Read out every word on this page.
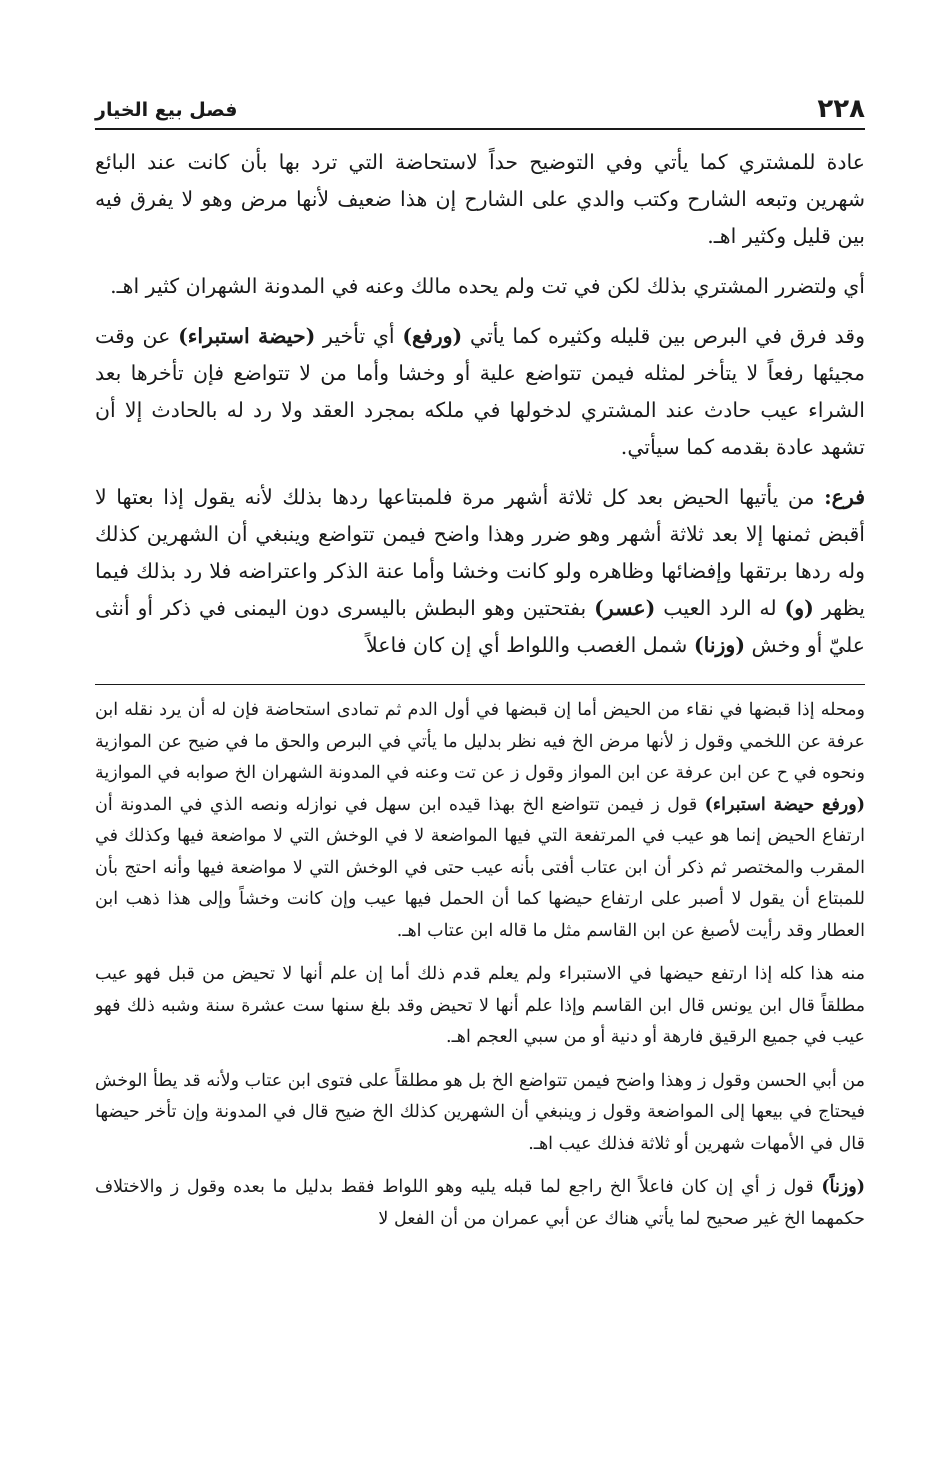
٢٢٨
فصل بيع الخيار

عادة للمشتري كما يأتي وفي التوضيح حداً لاستحاضة التي ترد بها بأن كانت عند البائع شهرين وتبعه الشارح وكتب والدي على الشارح إن هذا ضعيف لأنها مرض وهو لا يفرق فيه بين قليل وكثير اهـ.

أي ولتضرر المشتري بذلك لكن في تت ولم يحده مالك وعنه في المدونة الشهران كثير اهـ.

وقد فرق في البرص بين قليله وكثيره كما يأتي (ورفع) أي تأخير (حيضة استبراء) عن وقت مجيئها رفعاً لا يتأخر لمثله فيمن تتواضع علية أو وخشا وأما من لا تتواضع فإن تأخرها بعد الشراء عيب حادث عند المشتري لدخولها في ملكه بمجرد العقد ولا رد له بالحادث إلا أن تشهد عادة بقدمه كما سيأتي.

فرع: من يأتيها الحيض بعد كل ثلاثة أشهر مرة فلمبتاعها ردها بذلك لأنه يقول إذا بعتها لا أقبض ثمنها إلا بعد ثلاثة أشهر وهو ضرر وهذا واضح فيمن تتواضع وينبغي أن الشهرين كذلك وله ردها برتقها وإفضائها وظاهره ولو كانت وخشا وأما عنة الذكر واعتراضه فلا رد بذلك فيما يظهر (و) له الرد العيب (عسر) بفتحتين وهو البطش باليسرى دون اليمنى في ذكر أو أنثى عليّ أو وخش (وزنا) شمل الغصب واللواط أي إن كان فاعلاً

ومحله إذا قبضها في نقاء من الحيض أما إن قبضها في أول الدم ثم تمادى استحاضة فإن له أن يرد نقله ابن عرفة عن اللخمي وقول ز لأنها مرض الخ فيه نظر بدليل ما يأتي في البرص والحق ما في ضيح عن الموازية ونحوه في ح عن ابن عرفة عن ابن المواز وقول ز عن تت وعنه في المدونة الشهران الخ صوابه في الموازية (ورفع حيضة استبراء) قول ز فيمن تتواضع الخ بهذا قيده ابن سهل في نوازله ونصه الذي في المدونة أن ارتفاع الحيض إنما هو عيب في المرتفعة التي فيها المواضعة لا في الوخش التي لا مواضعة فيها وكذلك في المقرب والمختصر ثم ذكر أن ابن عتاب أفتى بأنه عيب حتى في الوخش التي لا مواضعة فيها وأنه احتج بأن للمبتاع أن يقول لا أصبر على ارتفاع حيضها كما أن الحمل فيها عيب وإن كانت وخشاً وإلى هذا ذهب ابن العطار وقد رأيت لأصبغ عن ابن القاسم مثل ما قاله ابن عتاب اهـ.

منه هذا كله إذا ارتفع حيضها في الاستبراء ولم يعلم قدم ذلك أما إن علم أنها لا تحيض من قبل فهو عيب مطلقاً قال ابن يونس قال ابن القاسم وإذا علم أنها لا تحيض وقد بلغ سنها ست عشرة سنة وشبه ذلك فهو عيب في جميع الرقيق فارهة أو دنية أو من سبي العجم اهـ.

من أبي الحسن وقول ز وهذا واضح فيمن تتواضع الخ بل هو مطلقاً على فتوى ابن عتاب ولأنه قد يطأ الوخش فيحتاج في بيعها إلى المواضعة وقول ز وينبغي أن الشهرين كذلك الخ ضيح قال في المدونة وإن تأخر حيضها قال في الأمهات شهرين أو ثلاثة فذلك عيب اهـ.

(وزناً) قول ز أي إن كان فاعلاً الخ راجع لما قبله يليه وهو اللواط فقط بدليل ما بعده وقول ز والاختلاف حكمهما الخ غير صحيح لما يأتي هناك عن أبي عمران من أن الفعل لا
